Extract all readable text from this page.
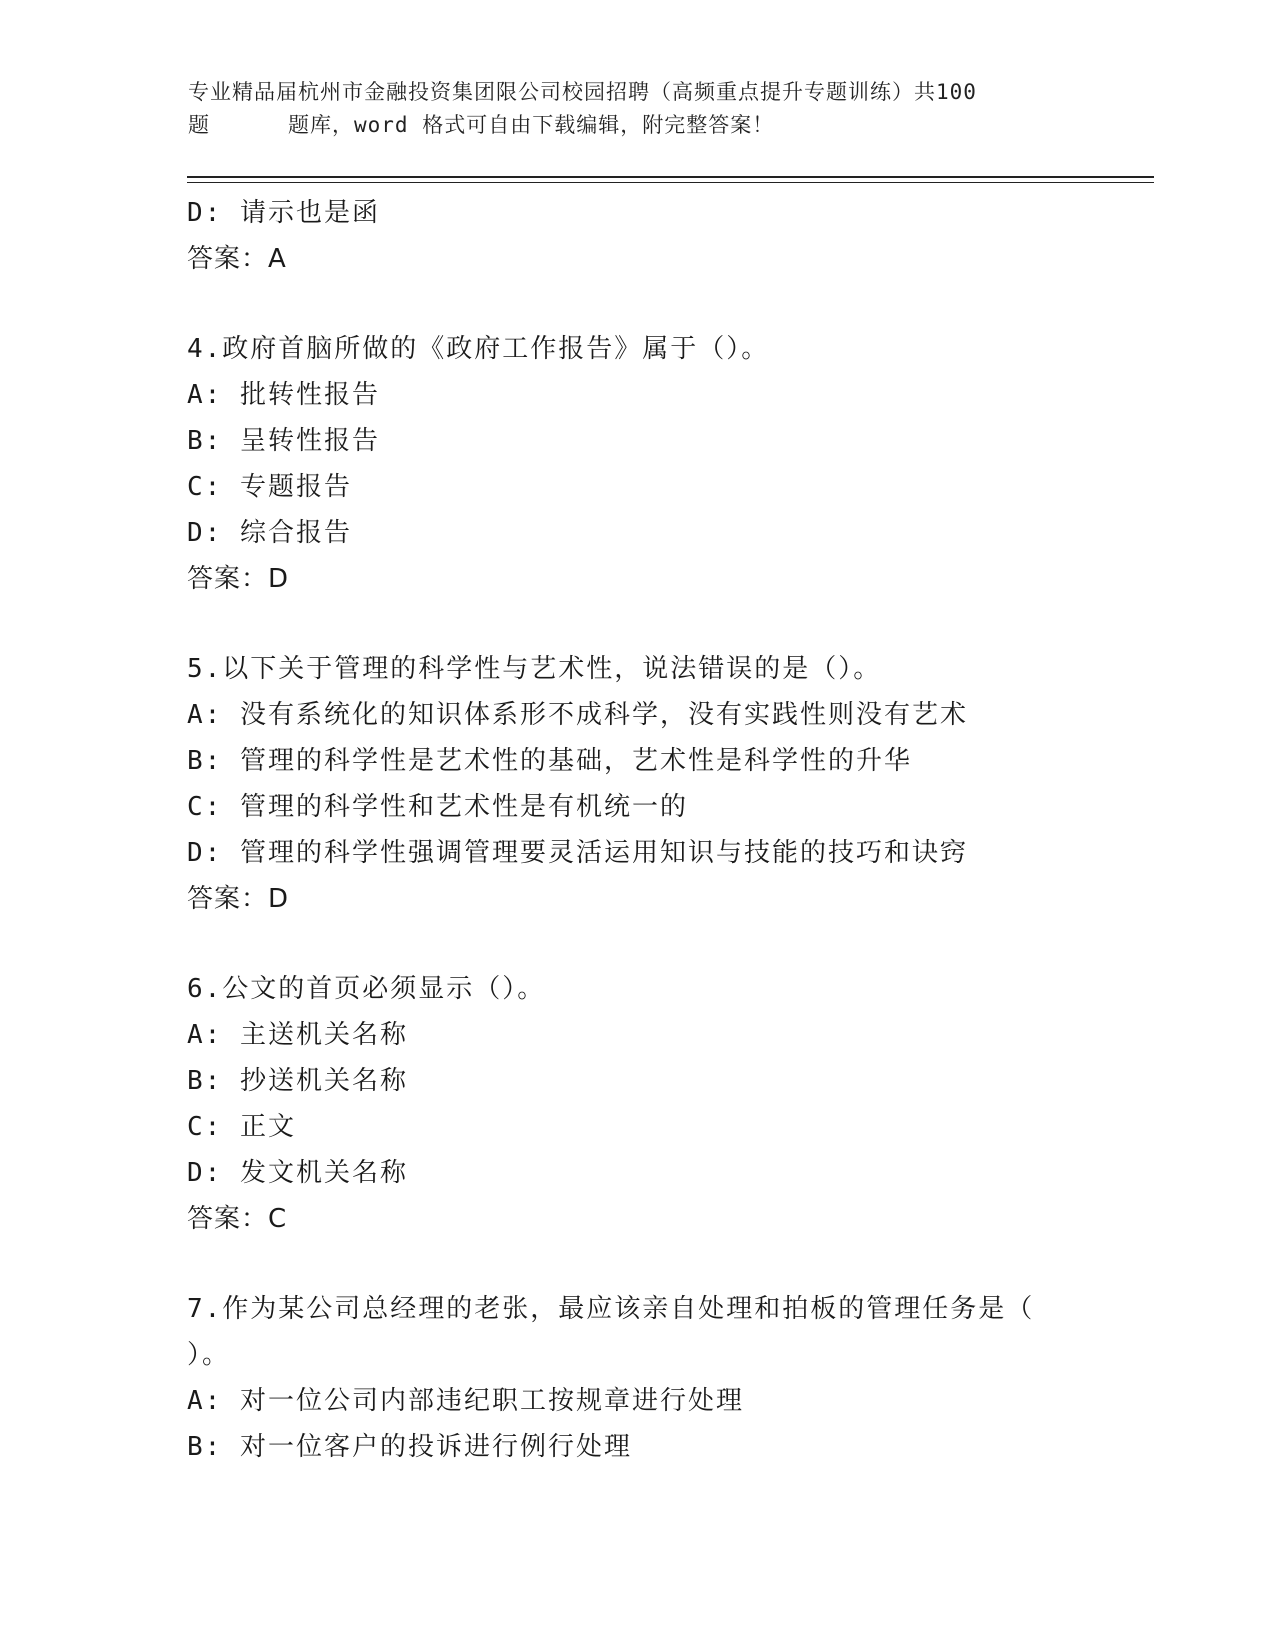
专业精品届杭州市金融投资集团限公司校园招聘（高频重点提升专题训练）共100
题	题库，word 格式可自由下载编辑，附完整答案！
D: 请示也是函
答案：A
4.政府首脑所做的《政府工作报告》属于（）。
A: 批转性报告
B: 呈转性报告
C: 专题报告
D: 综合报告
答案：D
5.以下关于管理的科学性与艺术性，说法错误的是（）。
A: 没有系统化的知识体系形不成科学，没有实践性则没有艺术
B: 管理的科学性是艺术性的基础，艺术性是科学性的升华
C: 管理的科学性和艺术性是有机统一的
D: 管理的科学性强调管理要灵活运用知识与技能的技巧和诀窍
答案：D
6.公文的首页必须显示（）。
A: 主送机关名称
B: 抄送机关名称
C: 正文
D: 发文机关名称
答案：C
7.作为某公司总经理的老张，最应该亲自处理和拍板的管理任务是（
）。
A: 对一位公司内部违纪职工按规章进行处理
B: 对一位客户的投诉进行例行处理
